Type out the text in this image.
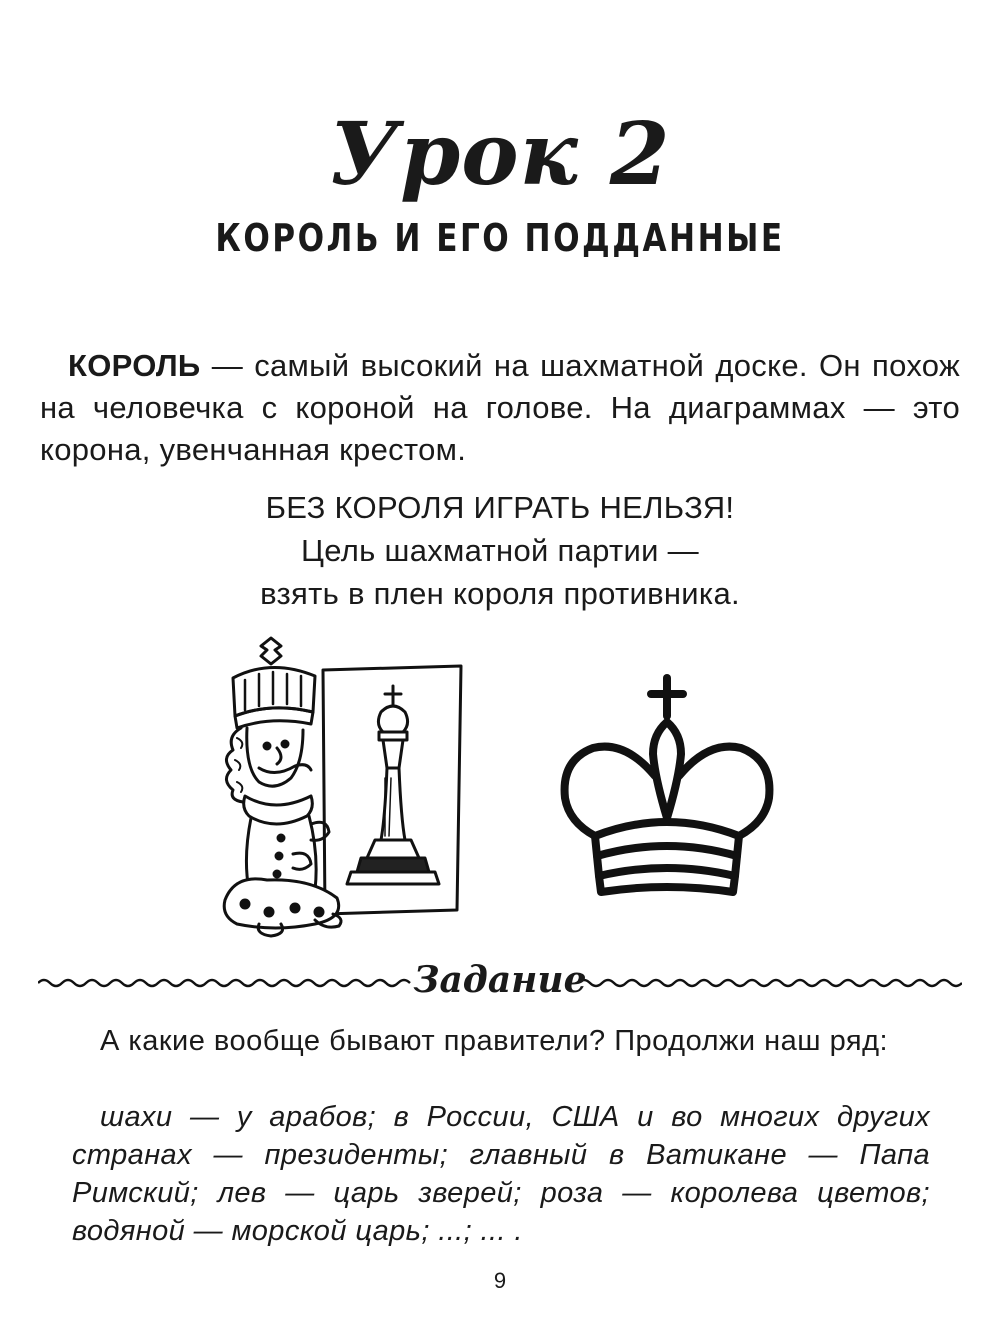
Урок 2
КОРОЛЬ И ЕГО ПОДДАННЫЕ
КОРОЛЬ — самый высокий на шахматной доске. Он похож на человечка с короной на голове. На диаграммах — это корона, увенчанная крестом.
БЕЗ КОРОЛЯ ИГРАТЬ НЕЛЬЗЯ!
Цель шахматной партии —
взять в плен короля противника.
Задание
А какие вообще бывают правители? Продолжи наш ряд:
шахи — у арабов; в России, США и во многих других странах — президенты; главный в Ватикане — Папа Римский; лев — царь зверей; роза — королева цветов; водяной — морской царь; ...; ... .
9
